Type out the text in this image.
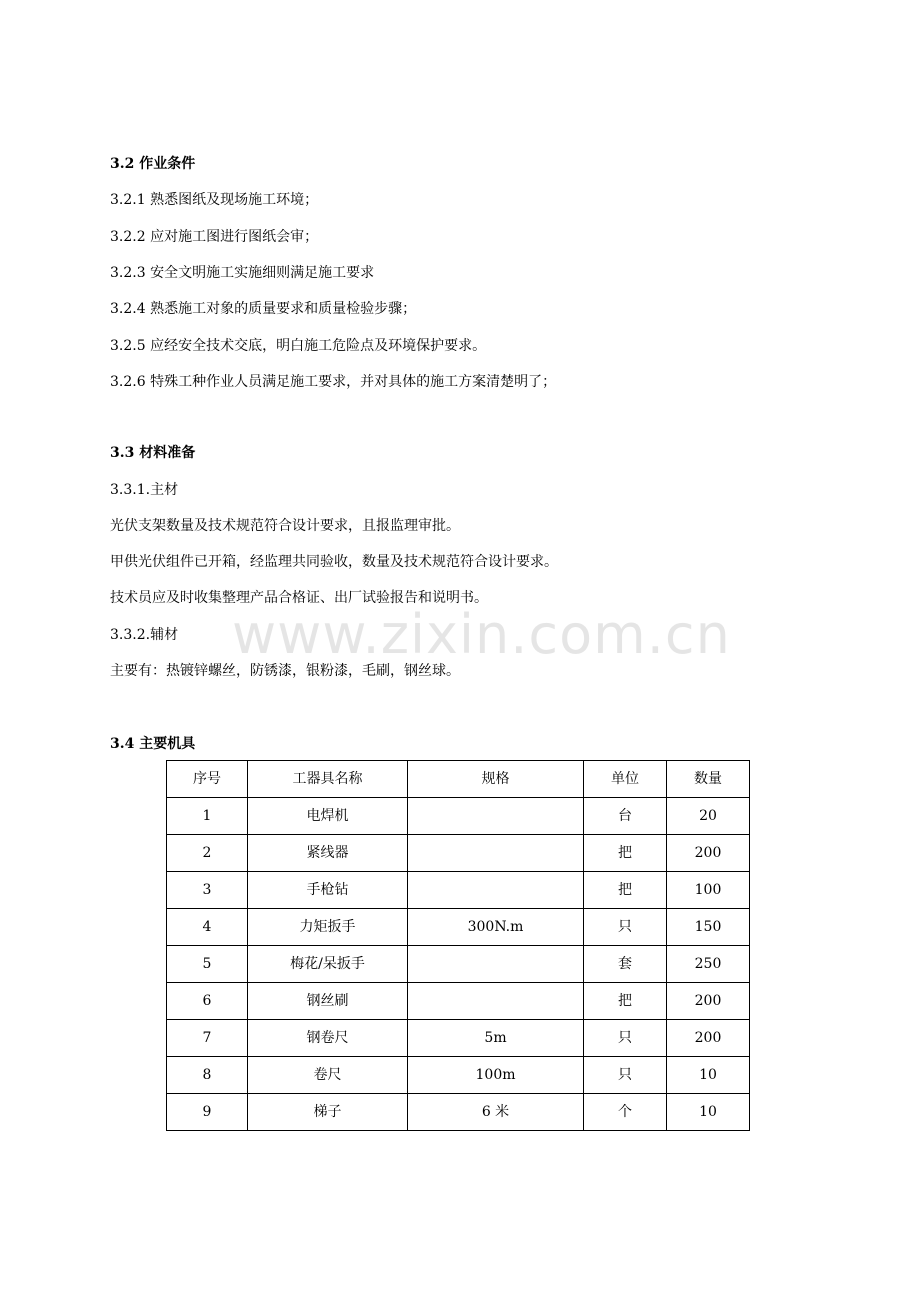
3.2 作业条件
3.2.1 熟悉图纸及现场施工环境；
3.2.2 应对施工图进行图纸会审；
3.2.3 安全文明施工实施细则满足施工要求
3.2.4 熟悉施工对象的质量要求和质量检验步骤；
3.2.5 应经安全技术交底，明白施工危险点及环境保护要求。
3.2.6 特殊工种作业人员满足施工要求，并对具体的施工方案清楚明了；
3.3 材料准备
3.3.1.主材
光伏支架数量及技术规范符合设计要求，且报监理审批。
甲供光伏组件已开箱，经监理共同验收，数量及技术规范符合设计要求。
技术员应及时收集整理产品合格证、出厂试验报告和说明书。
3.3.2.辅材
主要有：热镀锌螺丝，防锈漆，银粉漆，毛刷，钢丝球。
3.4 主要机具
序号	工器具名称	规格	单位	数量
1	电焊机		台	20
2	紧线器		把	200
3	手枪钻		把	100
4	力矩扳手	300N.m	只	150
5	梅花/呆扳手		套	250
6	钢丝刷		把	200
7	钢卷尺	5m	只	200
8	卷尺	100m	只	10
9	梯子	6 米	个	10
www.zixin.com.cn
